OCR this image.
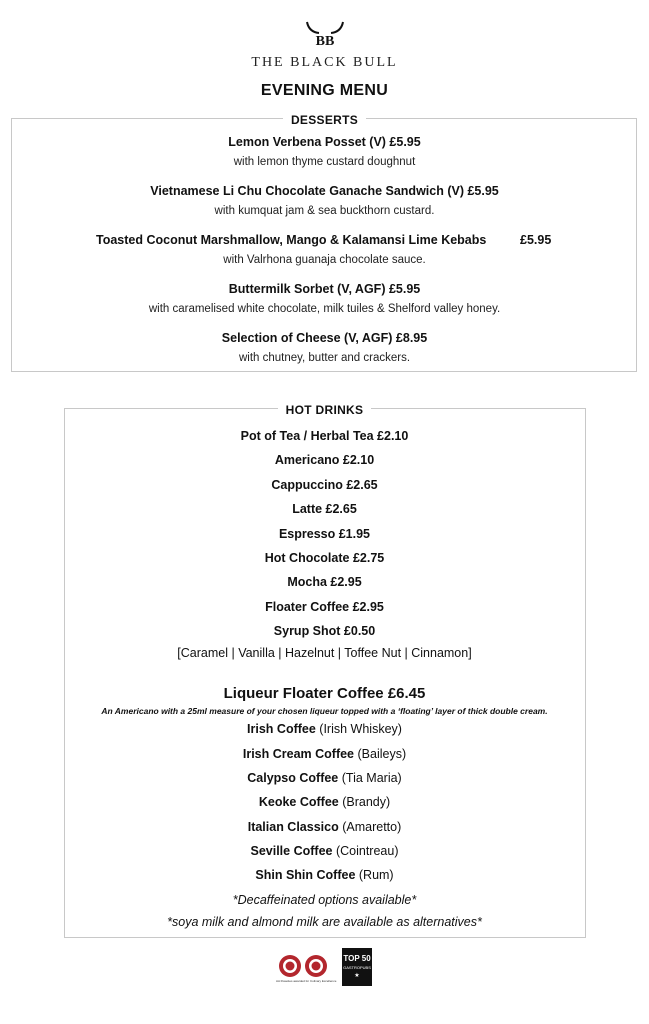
BB
THE BLACK BULL
EVENING MENU
DESSERTS
Lemon Verbena Posset (V) £5.95
with lemon thyme custard doughnut
Vietnamese Li Chu Chocolate Ganache Sandwich (V) £5.95
with kumquat jam & sea buckthorn custard.
Toasted Coconut Marshmallow, Mango & Kalamansi Lime Kebabs	£5.95
with Valrhona guanaja chocolate sauce.
Buttermilk Sorbet (V, AGF) £5.95
with caramelised white chocolate, milk tuiles & Shelford valley honey.
Selection of Cheese (V, AGF) £8.95
with chutney, butter and crackers.
HOT DRINKS
Pot of Tea / Herbal Tea £2.10
Americano £2.10
Cappuccino £2.65
Latte £2.65
Espresso £1.95
Hot Chocolate £2.75
Mocha £2.95
Floater Coffee £2.95
Syrup Shot £0.50
[Caramel | Vanilla | Hazelnut | Toffee Nut | Cinnamon]
Liqueur Floater Coffee £6.45
An Americano with a 25ml measure of your chosen liqueur topped with a ‘floating’ layer of thick double cream.
Irish Coffee (Irish Whiskey)
Irish Cream Coffee (Baileys)
Calypso Coffee (Tia Maria)
Keoke Coffee (Brandy)
Italian Classico (Amaretto)
Seville Coffee (Cointreau)
Shin Shin Coffee (Rum)
*Decaffeinated options available*
*soya milk and almond milk are available as alternatives*
AA Rosettes awarded for Culinary Excellence
TOP 50
GASTROPUBS
★
